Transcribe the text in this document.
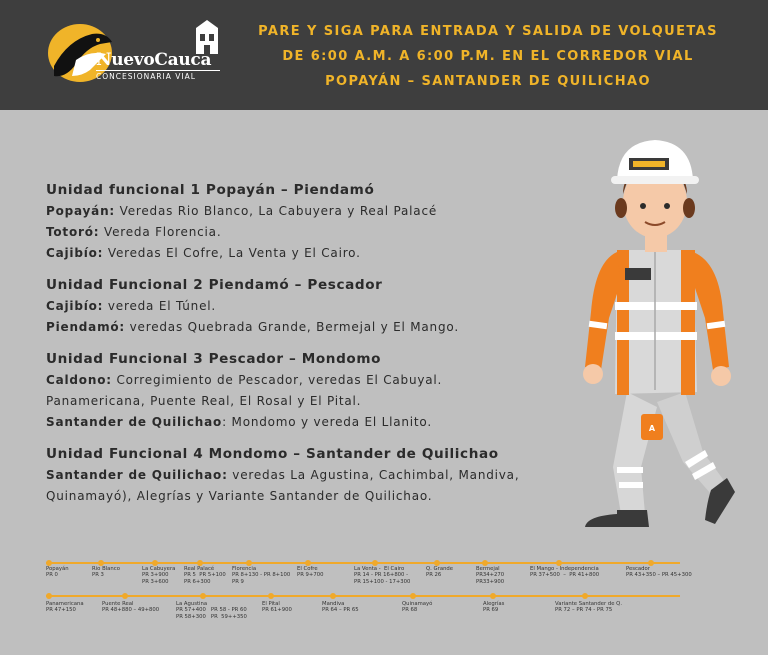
NuevoCauca
CONCESIONARIA VIAL
PARE Y SIGA PARA ENTRADA Y SALIDA DE VOLQUETAS
DE 6:00 A.M. A 6:00 P.M. EN EL CORREDOR VIAL
POPAYÁN – SANTANDER DE QUILICHAO
Unidad funcional 1 Popayán – Piendamó
Popayán: Veredas Rio Blanco, La Cabuyera y Real Palacé
Totoró: Vereda Florencia.
Cajibío: Veredas El Cofre, La Venta y El Cairo.
Unidad Funcional 2 Piendamó – Pescador
Cajibío: vereda El Túnel.
Piendamó: veredas Quebrada Grande, Bermejal y El Mango.
Unidad Funcional 3 Pescador – Mondomo
Caldono: Corregimiento de Pescador, veredas El Cabuyal.
Panamericana, Puente Real, El Rosal y El Pital.
Santander de Quilichao: Mondomo y vereda El Llanito.
Unidad Funcional 4 Mondomo – Santander de Quilichao
Santander de Quilichao: veredas La Agustina, Cachimbal, Mandiva,
Quinamayó), Alegrías y Variante Santander de Quilichao.
A
Popayán
PR 0
Rio Blanco
PR 3
La Cabuyera
PR 3+900
PR 3+600
Real Palacé
PR 5  PR 5+100
PR 6+300
Florencia
PR 8+130 - PR 8+100
PR 9
El Cofre
PR 9+700
La Venta -  El Cairo
PR 14 - PR 16+800 -
PR 15+100 - 17+300
Q. Grande
PR 26
Bermejal
PR34+270
PR33+900
El Mango - Independencia
PR 37+500  –  PR 41+800
Pescador
PR 43+350 – PR 45+300
Panamericana
PR 47+150
Puente Real
PR 48+880 – 49+800
La Agustina
PR 57+400   PR 58 - PR 60
PR 58+300   PR  59++350
El Pital
PR 61+900
Mandiva
PR 64 – PR 65
Quinamayó
PR 68
Alegrías
PR 69
Variante Santander de Q.
PR 72 – PR 74 - PR 75
